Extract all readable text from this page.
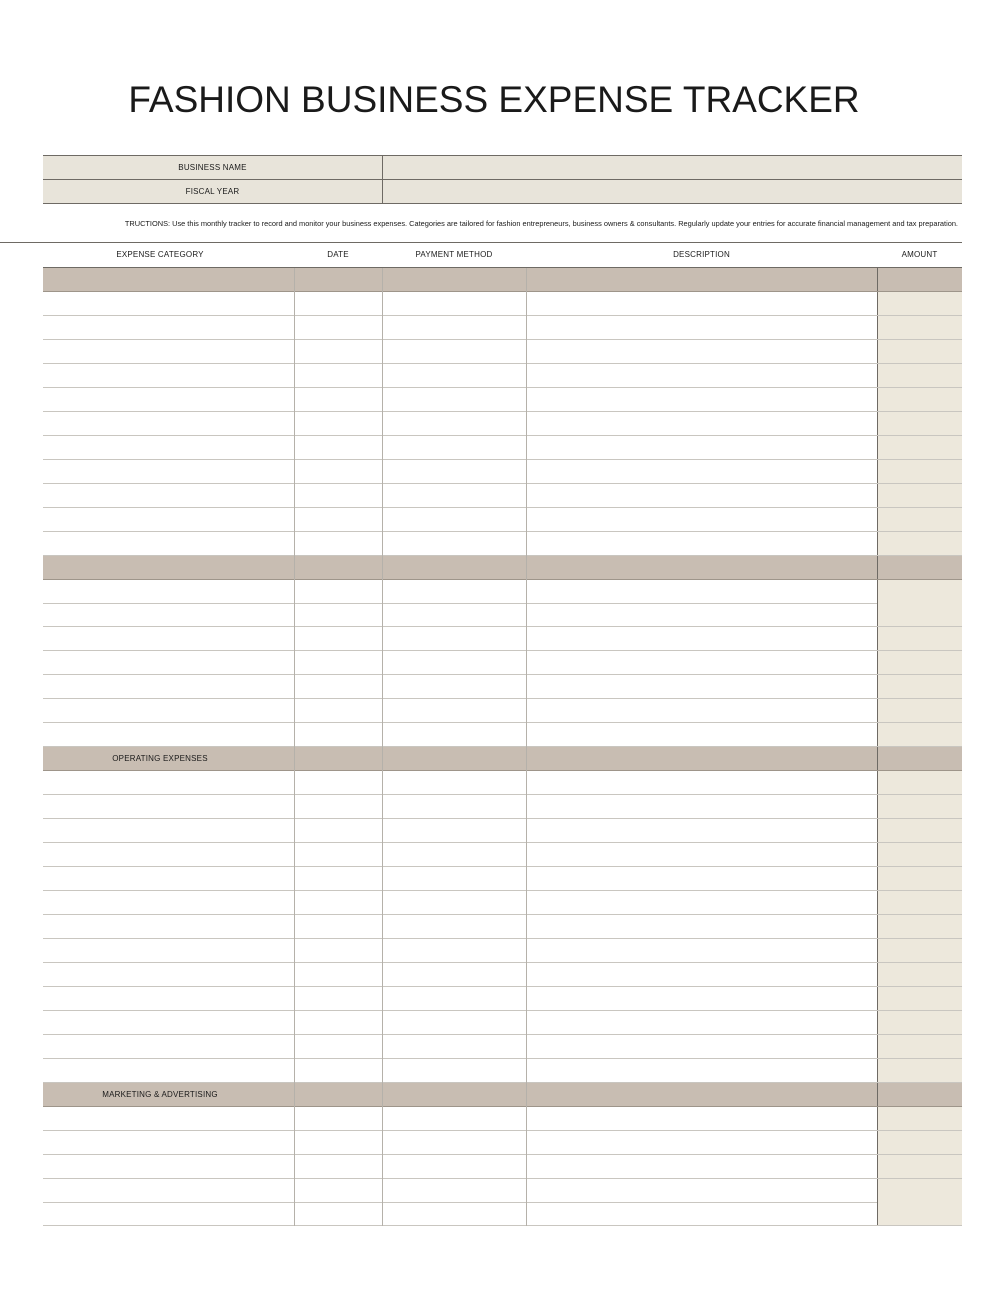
FASHION BUSINESS EXPENSE TRACKER
BUSINESS NAME
FISCAL YEAR
TRUCTIONS: Use this monthly tracker to record and monitor your business expenses. Categories are tailored for fashion entrepreneurs, business owners & consultants. Regularly update your entries for accurate financial management and tax preparation.
EXPENSE CATEGORY	DATE	PAYMENT METHOD	DESCRIPTION	AMOUNT
OPERATING EXPENSES
MARKETING & ADVERTISING
